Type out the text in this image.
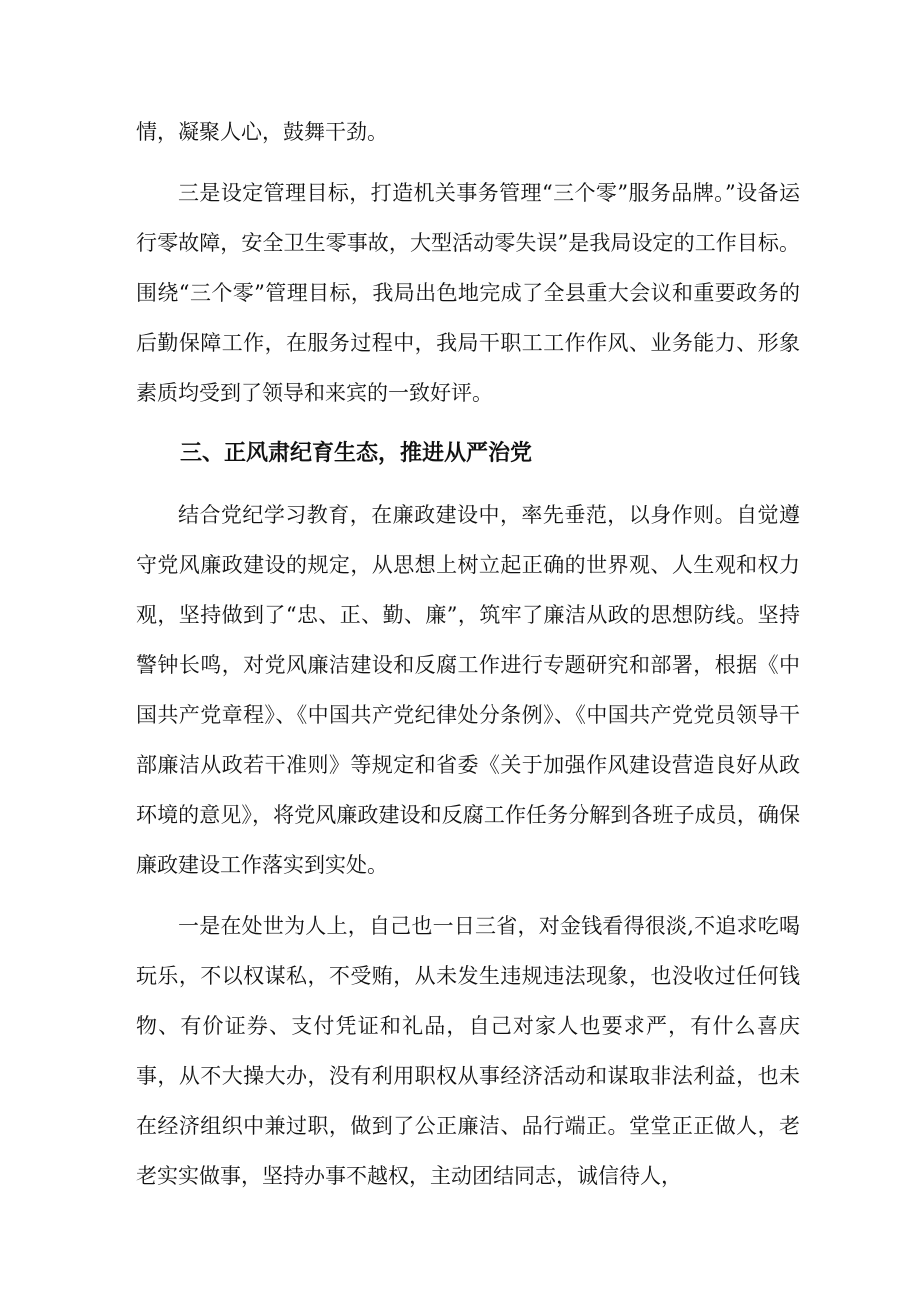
情，凝聚人心，鼓舞干劲。

三是设定管理目标，打造机关事务管理“三个零”服务品牌。”设备运行零故障，安全卫生零事故，大型活动零失误”是我局设定的工作目标。围绕“三个零”管理目标，我局出色地完成了全县重大会议和重要政务的后勤保障工作，在服务过程中，我局干职工工作作风、业务能力、形象素质均受到了领导和来宾的一致好评。

三、正风肃纪育生态，推进从严治党

结合党纪学习教育，在廉政建设中，率先垂范，以身作则。自觉遵守党风廉政建设的规定，从思想上树立起正确的世界观、人生观和权力观，坚持做到了“忠、正、勤、廉”，筑牢了廉洁从政的思想防线。坚持警钟长鸣，对党风廉洁建设和反腐工作进行专题研究和部署，根据《中国共产党章程》、《中国共产党纪律处分条例》、《中国共产党党员领导干部廉洁从政若干准则》等规定和省委《关于加强作风建设营造良好从政环境的意见》，将党风廉政建设和反腐工作任务分解到各班子成员，确保廉政建设工作落实到实处。

一是在处世为人上，自己也一日三省，对金钱看得很淡,不追求吃喝玩乐，不以权谋私，不受贿，从未发生违规违法现象，也没收过任何钱物、有价证券、支付凭证和礼品，自己对家人也要求严，有什么喜庆事，从不大操大办，没有利用职权从事经济活动和谋取非法利益，也未在经济组织中兼过职，做到了公正廉洁、品行端正。堂堂正正做人，老老实实做事，坚持办事不越权，主动团结同志，诚信待人，
